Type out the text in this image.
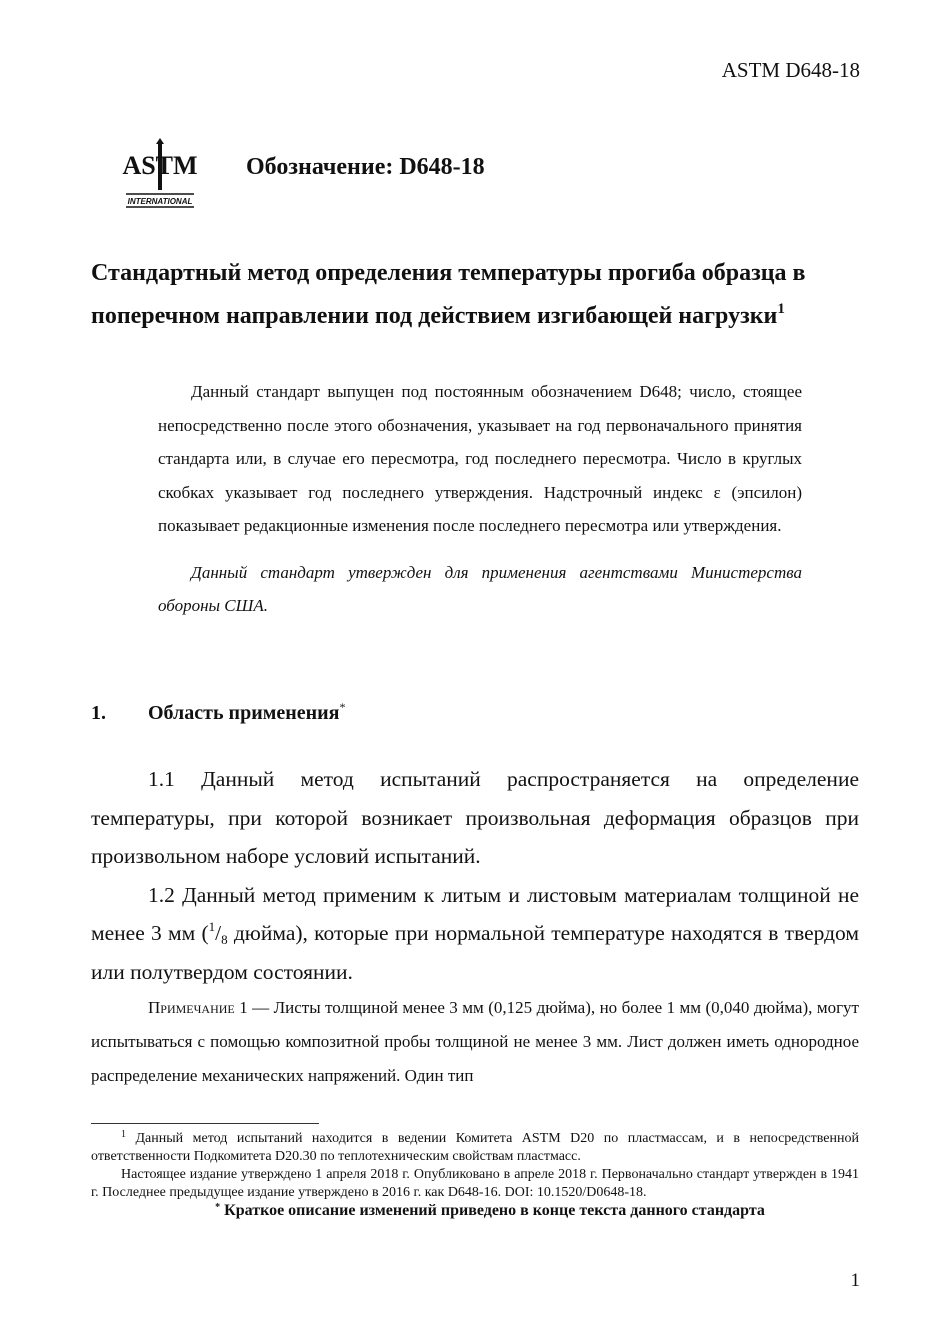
ASTM D648-18
ASTM
INTERNATIONAL
Обозначение: D648-18
Стандартный метод определения температуры прогиба образца в
поперечном направлении под действием изгибающей нагрузки$^1$

Данный стандарт выпущен под постоянным обозначением D648; число, стоящее непосредственно после этого обозначения, указывает на год первоначального принятия стандарта или, в случае его пересмотра, год последнего пересмотра. Число в круглых скобках указывает год последнего утверждения. Надстрочный индекс ε (эпсилон) показывает редакционные изменения после последнего пересмотра или утверждения.

Данный стандарт утвержден для применения агентствами Министерства обороны США.

1. Область применения*

1.1 Данный метод испытаний распространяется на определение температуры, при которой возникает произвольная деформация образцов при произвольном наборе условий испытаний.

1.2 Данный метод применим к литым и листовым материалам толщиной не менее 3 мм ($^1$/8 дюйма), которые при нормальной температуре находятся в твердом или полутвердом состоянии.

Примечание 1 — Листы толщиной менее 3 мм (0,125 дюйма), но более 1 мм (0,040 дюйма), могут испытываться с помощью композитной пробы толщиной не менее 3 мм. Лист должен иметь однородное распределение механических напряжений. Один тип

$^1$ Данный метод испытаний находится в ведении Комитета ASTM D20 по пластмассам, и в непосредственной ответственности Подкомитета D20.30 по теплотехническим свойствам пластмасс.

Настоящее издание утверждено 1 апреля 2018 г. Опубликовано в апреле 2018 г. Первоначально стандарт утвержден в 1941 г. Последнее предыдущее издание утверждено в 2016 г. как D648-16. DOI: 10.1520/D0648-18.

* Краткое описание изменений приведено в конце текста данного стандарта

1
